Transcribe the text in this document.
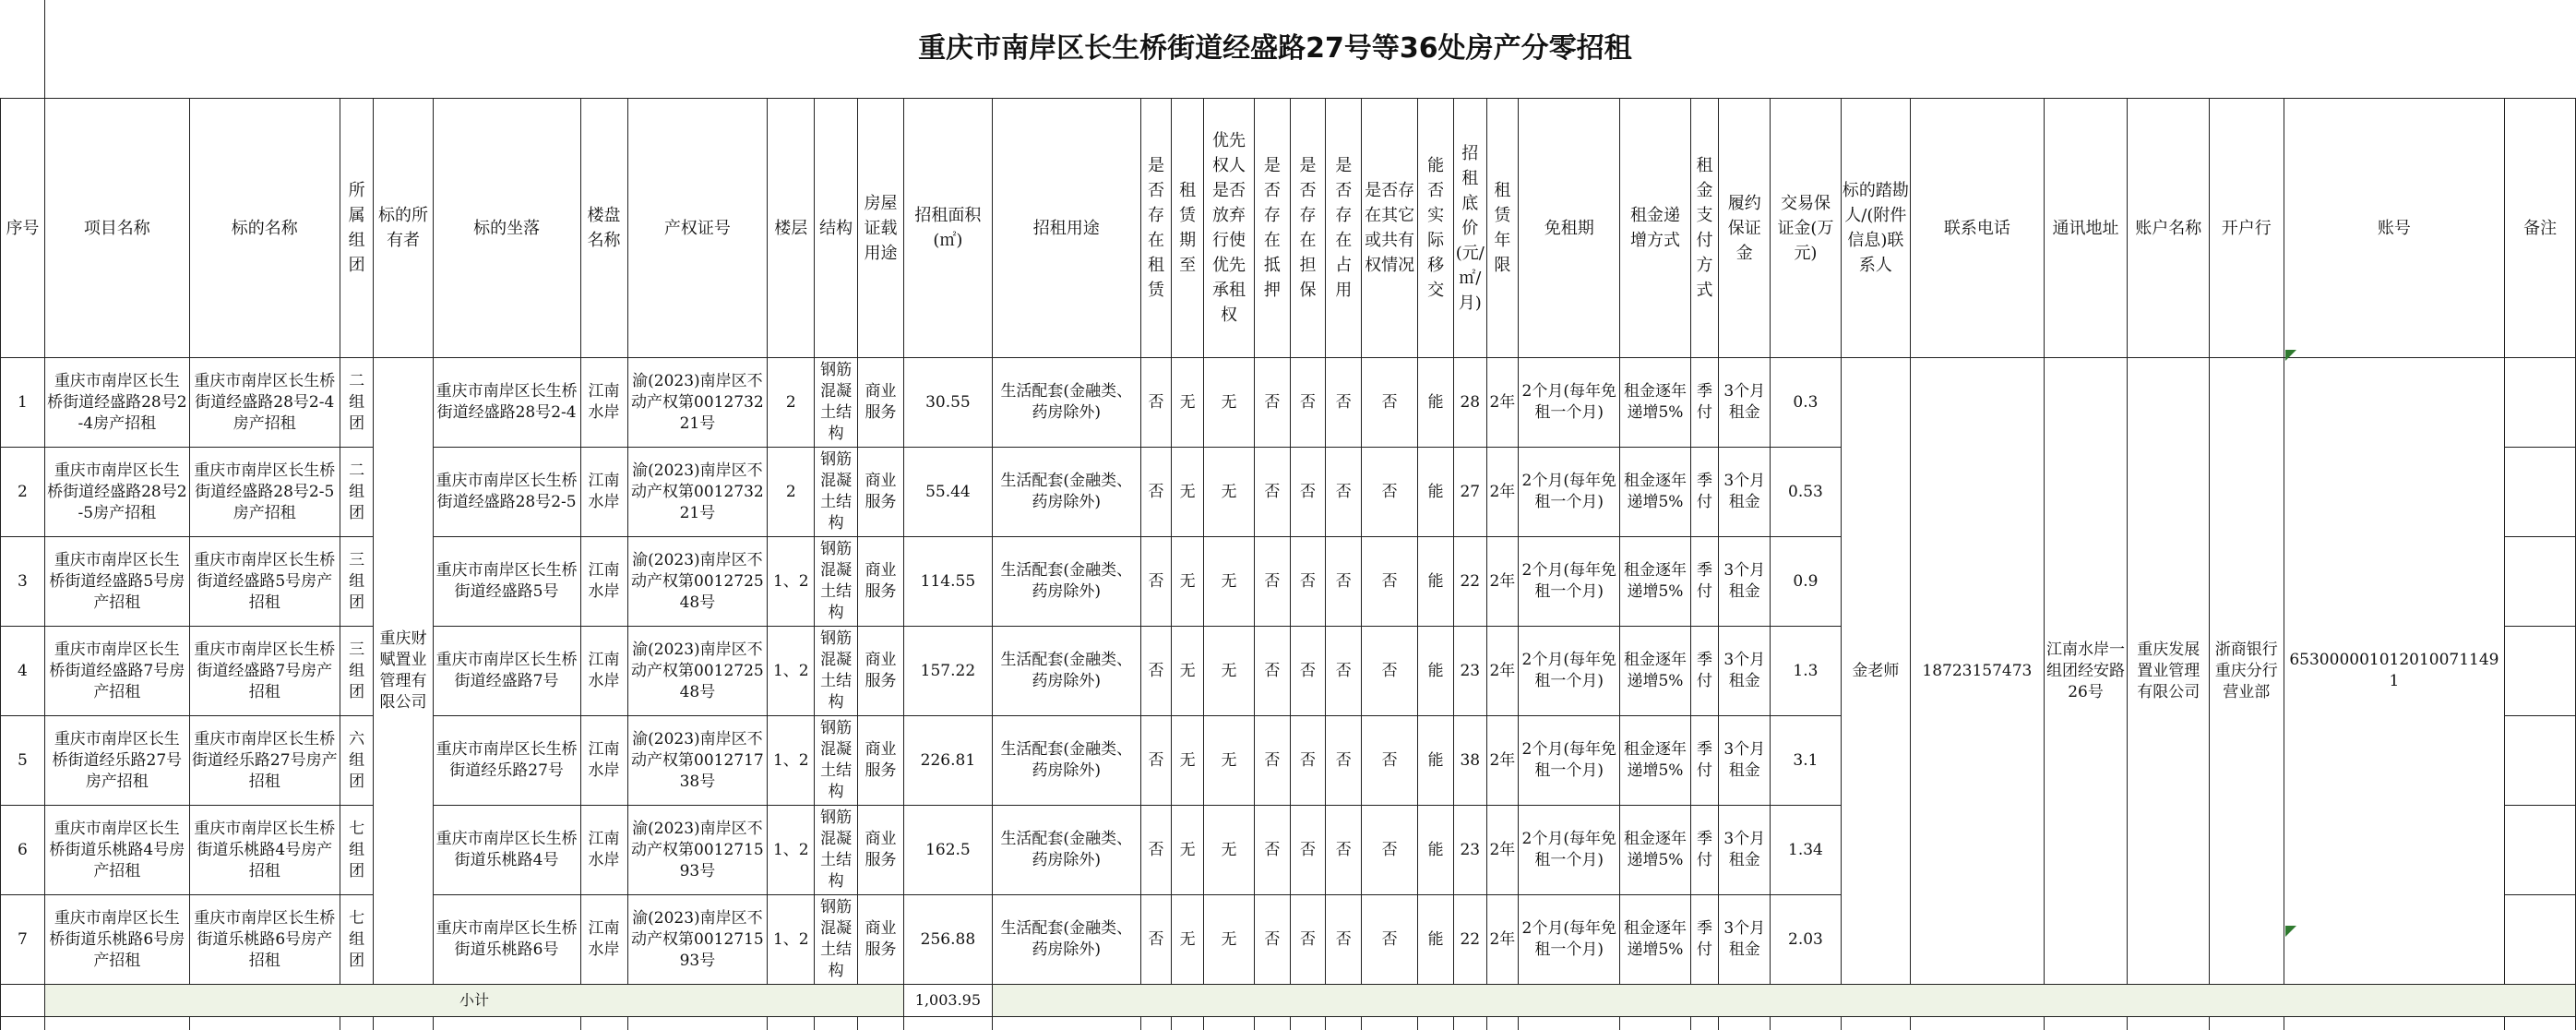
	重庆市南岸区长生桥街道经盛路27号等36处房产分零招租																																	
序号	项目名称	标的名称	所属组团	标的所有者	标的坐落	楼盘名称	产权证号	楼层	结构	房屋证载用途	招租面积(㎡)	招租用途	是否存在租赁	租赁期至	优先权人是否放弃行使优先承租权	是否存在抵押	是否存在担保	是否存在占用	是否存在其它或共有权情况	能否实际移交	招租底价(元/㎡/月)	租赁年限	免租期	租金递增方式	租金支付方式	履约保证金	交易保证金(万元)	标的踏勘人/(附件信息)联系人	联系电话	通讯地址	账户名称	开户行	账号	备注
1	重庆市南岸区长生桥街道经盛路28号2-4房产招租	重庆市南岸区长生桥街道经盛路28号2-4房产招租	二组团	重庆财赋置业管理有限公司	重庆市南岸区长生桥街道经盛路28号2-4	江南水岸	渝(2023)南岸区不动产权第001273221号	2	钢筋混凝土结构	商业服务	30.55	生活配套(金融类、药房除外)	否	无	无	否	否	否	否	能	28	2年	2个月(每年免租一个月)	租金逐年递增5%	季付	3个月租金	0.3	金老师	18723157473	江南水岸一组团经安路26号	重庆发展置业管理有限公司	浙商银行重庆分行营业部	6530000010120100711491	
2	重庆市南岸区长生桥街道经盛路28号2-5房产招租	重庆市南岸区长生桥街道经盛路28号2-5房产招租	二组团		重庆市南岸区长生桥街道经盛路28号2-5	江南水岸	渝(2023)南岸区不动产权第001273221号	2	钢筋混凝土结构	商业服务	55.44	生活配套(金融类、药房除外)	否	无	无	否	否	否	否	能	27	2年	2个月(每年免租一个月)	租金逐年递增5%	季付	3个月租金	0.53							
3	重庆市南岸区长生桥街道经盛路5号房产招租	重庆市南岸区长生桥街道经盛路5号房产招租	三组团		重庆市南岸区长生桥街道经盛路5号	江南水岸	渝(2023)南岸区不动产权第001272548号	1、2	钢筋混凝土结构	商业服务	114.55	生活配套(金融类、药房除外)	否	无	无	否	否	否	否	能	22	2年	2个月(每年免租一个月)	租金逐年递增5%	季付	3个月租金	0.9							
4	重庆市南岸区长生桥街道经盛路7号房产招租	重庆市南岸区长生桥街道经盛路7号房产招租	三组团		重庆市南岸区长生桥街道经盛路7号	江南水岸	渝(2023)南岸区不动产权第001272548号	1、2	钢筋混凝土结构	商业服务	157.22	生活配套(金融类、药房除外)	否	无	无	否	否	否	否	能	23	2年	2个月(每年免租一个月)	租金逐年递增5%	季付	3个月租金	1.3							
5	重庆市南岸区长生桥街道经乐路27号房产招租	重庆市南岸区长生桥街道经乐路27号房产招租	六组团		重庆市南岸区长生桥街道经乐路27号	江南水岸	渝(2023)南岸区不动产权第001271738号	1、2	钢筋混凝土结构	商业服务	226.81	生活配套(金融类、药房除外)	否	无	无	否	否	否	否	能	38	2年	2个月(每年免租一个月)	租金逐年递增5%	季付	3个月租金	3.1							
6	重庆市南岸区长生桥街道乐桃路4号房产招租	重庆市南岸区长生桥街道乐桃路4号房产招租	七组团		重庆市南岸区长生桥街道乐桃路4号	江南水岸	渝(2023)南岸区不动产权第001271593号	1、2	钢筋混凝土结构	商业服务	162.5	生活配套(金融类、药房除外)	否	无	无	否	否	否	否	能	23	2年	2个月(每年免租一个月)	租金逐年递增5%	季付	3个月租金	1.34							
7	重庆市南岸区长生桥街道乐桃路6号房产招租	重庆市南岸区长生桥街道乐桃路6号房产招租	七组团		重庆市南岸区长生桥街道乐桃路6号	江南水岸	渝(2023)南岸区不动产权第001271593号	1、2	钢筋混凝土结构	商业服务	256.88	生活配套(金融类、药房除外)	否	无	无	否	否	否	否	能	22	2年	2个月(每年免租一个月)	租金逐年递增5%	季付	3个月租金	2.03							
	小计										1,003.95																							
